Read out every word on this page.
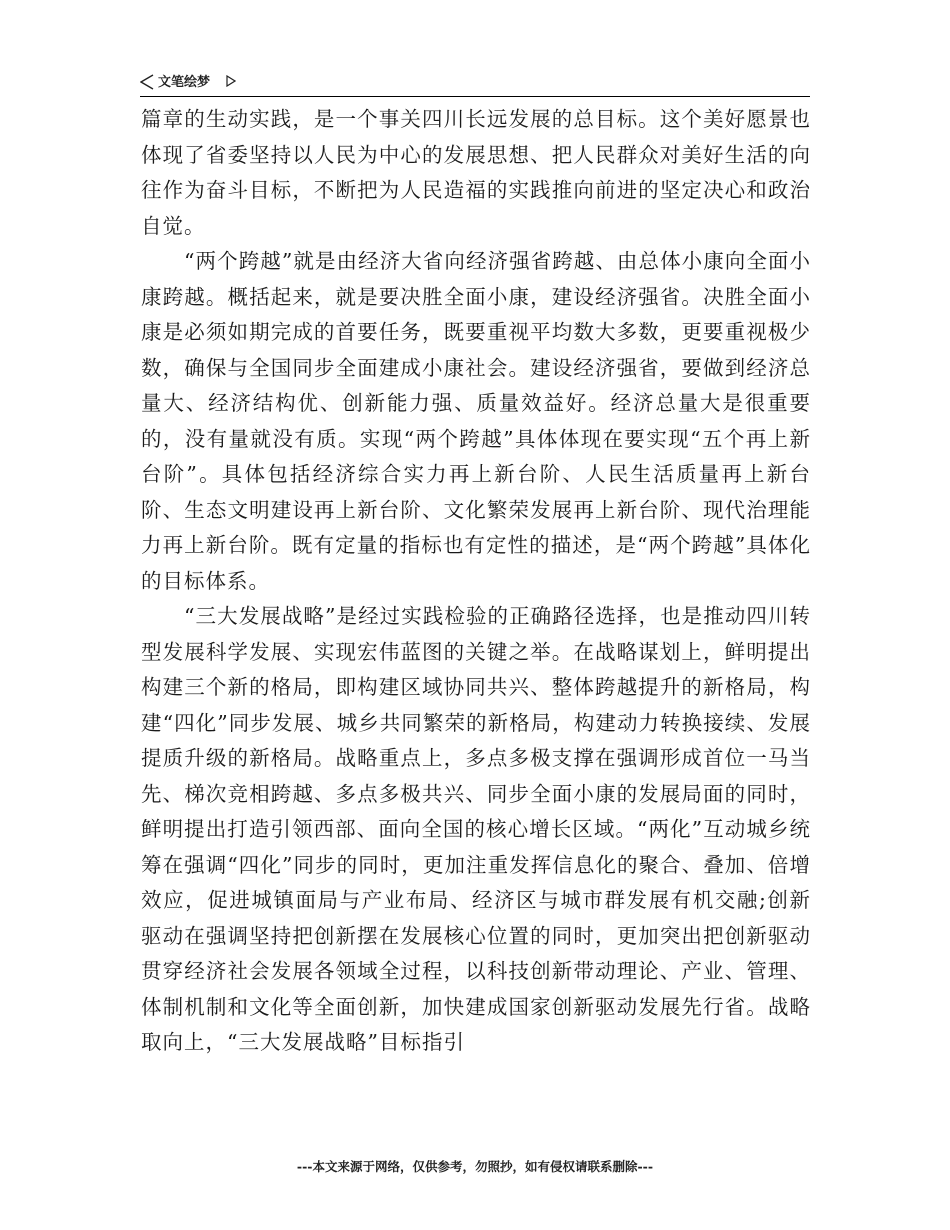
文笔绘梦

篇章的生动实践，是一个事关四川长远发展的总目标。这个美好愿景也体现了省委坚持以人民为中心的发展思想、把人民群众对美好生活的向往作为奋斗目标，不断把为人民造福的实践推向前进的坚定决心和政治自觉。

“两个跨越”就是由经济大省向经济强省跨越、由总体小康向全面小康跨越。概括起来，就是要决胜全面小康，建设经济强省。决胜全面小康是必须如期完成的首要任务，既要重视平均数大多数，更要重视极少数，确保与全国同步全面建成小康社会。建设经济强省，要做到经济总量大、经济结构优、创新能力强、质量效益好。经济总量大是很重要的，没有量就没有质。实现“两个跨越”具体体现在要实现“五个再上新台阶”。具体包括经济综合实力再上新台阶、人民生活质量再上新台阶、生态文明建设再上新台阶、文化繁荣发展再上新台阶、现代治理能力再上新台阶。既有定量的指标也有定性的描述，是“两个跨越”具体化的目标体系。

“三大发展战略”是经过实践检验的正确路径选择，也是推动四川转型发展科学发展、实现宏伟蓝图的关键之举。在战略谋划上，鲜明提出构建三个新的格局，即构建区域协同共兴、整体跨越提升的新格局，构建“四化”同步发展、城乡共同繁荣的新格局，构建动力转换接续、发展提质升级的新格局。战略重点上，多点多极支撑在强调形成首位一马当先、梯次竞相跨越、多点多极共兴、同步全面小康的发展局面的同时，鲜明提出打造引领西部、面向全国的核心增长区域。“两化”互动城乡统筹在强调“四化”同步的同时，更加注重发挥信息化的聚合、叠加、倍增效应，促进城镇面局与产业布局、经济区与城市群发展有机交融;创新驱动在强调坚持把创新摆在发展核心位置的同时，更加突出把创新驱动贯穿经济社会发展各领域全过程，以科技创新带动理论、产业、管理、体制机制和文化等全面创新，加快建成国家创新驱动发展先行省。战略取向上，“三大发展战略”目标指引

---本文来源于网络，仅供参考，勿照抄，如有侵权请联系删除---
